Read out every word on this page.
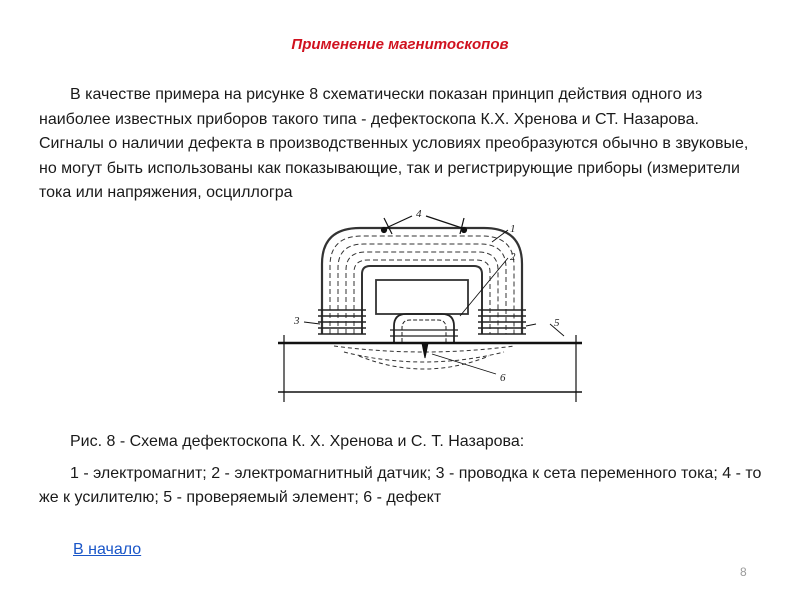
Применение магнитоскопов

В качестве примера на рисунке 8 схематически показан принцип действия одного из наиболее известных приборов такого типа - дефектоскопа К.Х. Хренова и СТ. Назарова. Сигналы о наличии дефекта в производственных условиях преобразуются обычно в звуковые, но могут быть использованы как показывающие, так и регистрирующие приборы (измерители тока или напряжения, осциллогра

4
1
2
3	5
6

Рис. 8 - Схема дефектоскопа К. Х. Хренова и С. Т. Назарова:

1 - электромагнит; 2 - электромагнитный датчик; 3 - проводка к сета переменного тока; 4 - то же к усилителю; 5 - проверяемый элемент; 6 - дефект

В начало
8
